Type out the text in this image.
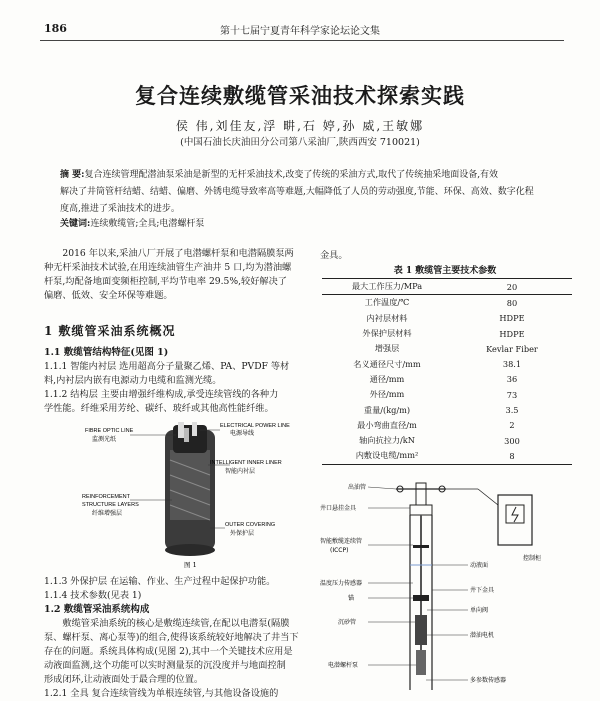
186	第十七届宁夏青年科学家论坛论文集
复合连续敷缆管采油技术探索实践
侯 伟,刘佳友,浮 畊,石 婷,孙 威,王敏娜
(中国石油长庆油田分公司第八采油厂,陕西西安 710021)
摘 要:复合连续管理配潜油泵采油是新型的无杆采油技术,改变了传统的采油方式,取代了传统抽采地面设备,有效
解决了井筒管杆结蜡、结蜡、偏磨、外锈电缆导致率高等难题,大幅降低了人员的劳动强度,节能、环保、高效、数字化程
度高,推进了采油技术的进步。
关键词:连续敷缆管;全具;电潜螺杆泵
2016 年以来,采油八厂开展了电潜螺杆泵和电潜隔膜泵两
种无杆采油技术试验,在用连续油管生产油井 5 口,均为潜油螺
杆泵,均配备地面变频柜控制,平均节电率 29.5%,较好解决了
偏磨、低效、安全环保等难题。
1 敷缆管采油系统概况
1.1 敷缆管结构特征(见图 1)
1.1.1 智能内衬层 选用超高分子量聚乙烯、PA、PVDF 等材
料,内衬层内嵌有电源动力电缆和监测光缆。
1.1.2 结构层 主要由增强纤维构成,承受连续管线的各种力
学性能。纤维采用芳纶、碳纤、玻纤或其他高性能纤维。
ELECTRICAL POWER LINE
电源导线
FIBRE OPTIC LINE
监测光纸
INTELLIGENT INNER LINER
智能内衬层
REINFORCEMENT
STRUCTURE LAYERS
纤维增强层
OUTER COVERING
外保护层
图 1
1.1.3 外保护层 在运输、作业、生产过程中起保护功能。
1.1.4 技术参数(见表 1)
1.2 敷缆管采油系统构成
敷缆管采油系统的核心是敷缆连续管,在配以电潜泵(隔膜
泵、螺杆泵、离心泵等)的组合,使得该系统较好地解决了井当下
存在的问题。系统具体构成(见图 2),其中一个关键技术应用是
动液面监测,这个功能可以实时测量泵的沉没度并与地面控制
形成闭环,让动液面处于最合理的位置。
1.2.1 全具 复合连续管线为单根连续管,与其他设备设施的
金具。
表 1 敷缆管主要技术参数
最大工作压力/MPa	20
工作温度/℃	80
内衬层材料	HDPE
外保护层材料	HDPE
增强层	Kevlar Fiber
名义通径尺寸/mm	38.1
通径/mm	36
外径/mm	73
重量/(kg/m)	3.5
最小弯曲直径/m	2
轴向抗拉力/kN	300
内敷设电缆/mm²	8
出油管
井口悬挂金具
智能敷缆连续管
(ICCP)
温度压力传感器
锚
沉砂管
电潜螺杆泵
控制柜
动液面
井下金具
单向阀
潜油电机
多参数传感器
